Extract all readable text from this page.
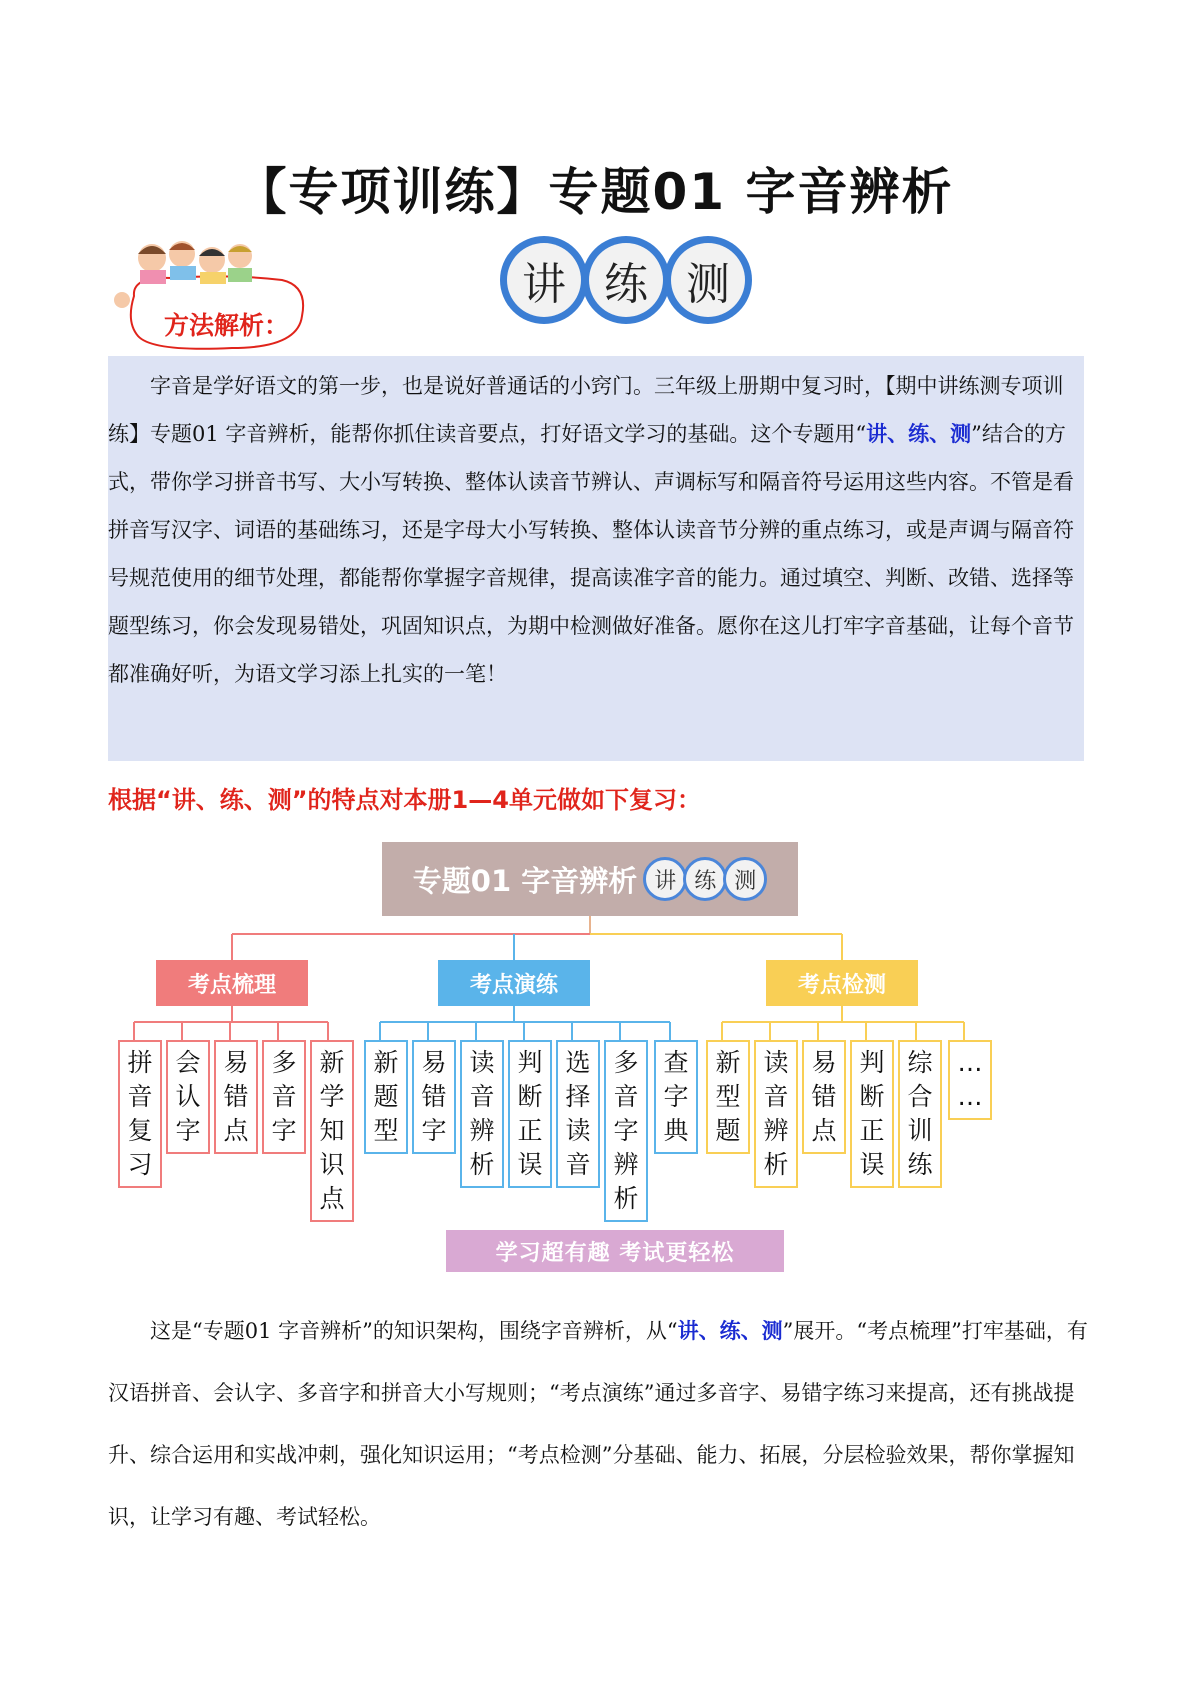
【专项训练】专题01 字音辨析
方法解析：
讲 练 测

字音是学好语文的第一步，也是说好普通话的小窍门。三年级上册期中复习时，【期中讲练测专项训练】专题01 字音辨析，能帮你抓住读音要点，打好语文学习的基础。这个专题用“讲、练、测”结合的方式，带你学习拼音书写、大小写转换、整体认读音节辨认、声调标写和隔音符号运用这些内容。不管是看拼音写汉字、词语的基础练习，还是字母大小写转换、整体认读音节分辨的重点练习，或是声调与隔音符号规范使用的细节处理，都能帮你掌握字音规律，提高读准字音的能力。通过填空、判断、改错、选择等题型练习，你会发现易错处，巩固知识点，为期中检测做好准备。愿你在这儿打牢字音基础，让每个音节都准确好听，为语文学习添上扎实的一笔！

根据“讲、练、测”的特点对本册1—4单元做如下复习：
专题01 字音辨析 讲 练 测
考点梳理	考点演练	考点检测
拼
音
复
习
会
认
字
易
错
点
多
音
字
新
学
知
识
点
新
题
型
易
错
字
读
音
辨
析
判
断
正
误
选
择
读
音
多
音
字
辨
析
查
字
典
新
型
题
读
音
辨
析
易
错
点
判
断
正
误
综
合
训
练
…
…
学习超有趣 考试更轻松

这是“专题01 字音辨析”的知识架构，围绕字音辨析，从“讲、练、测”展开。“考点梳理”打牢基础，有汉语拼音、会认字、多音字和拼音大小写规则；“考点演练”通过多音字、易错字练习来提高，还有挑战提升、综合运用和实战冲刺，强化知识运用；“考点检测”分基础、能力、拓展，分层检验效果，帮你掌握知识，让学习有趣、考试轻松。
